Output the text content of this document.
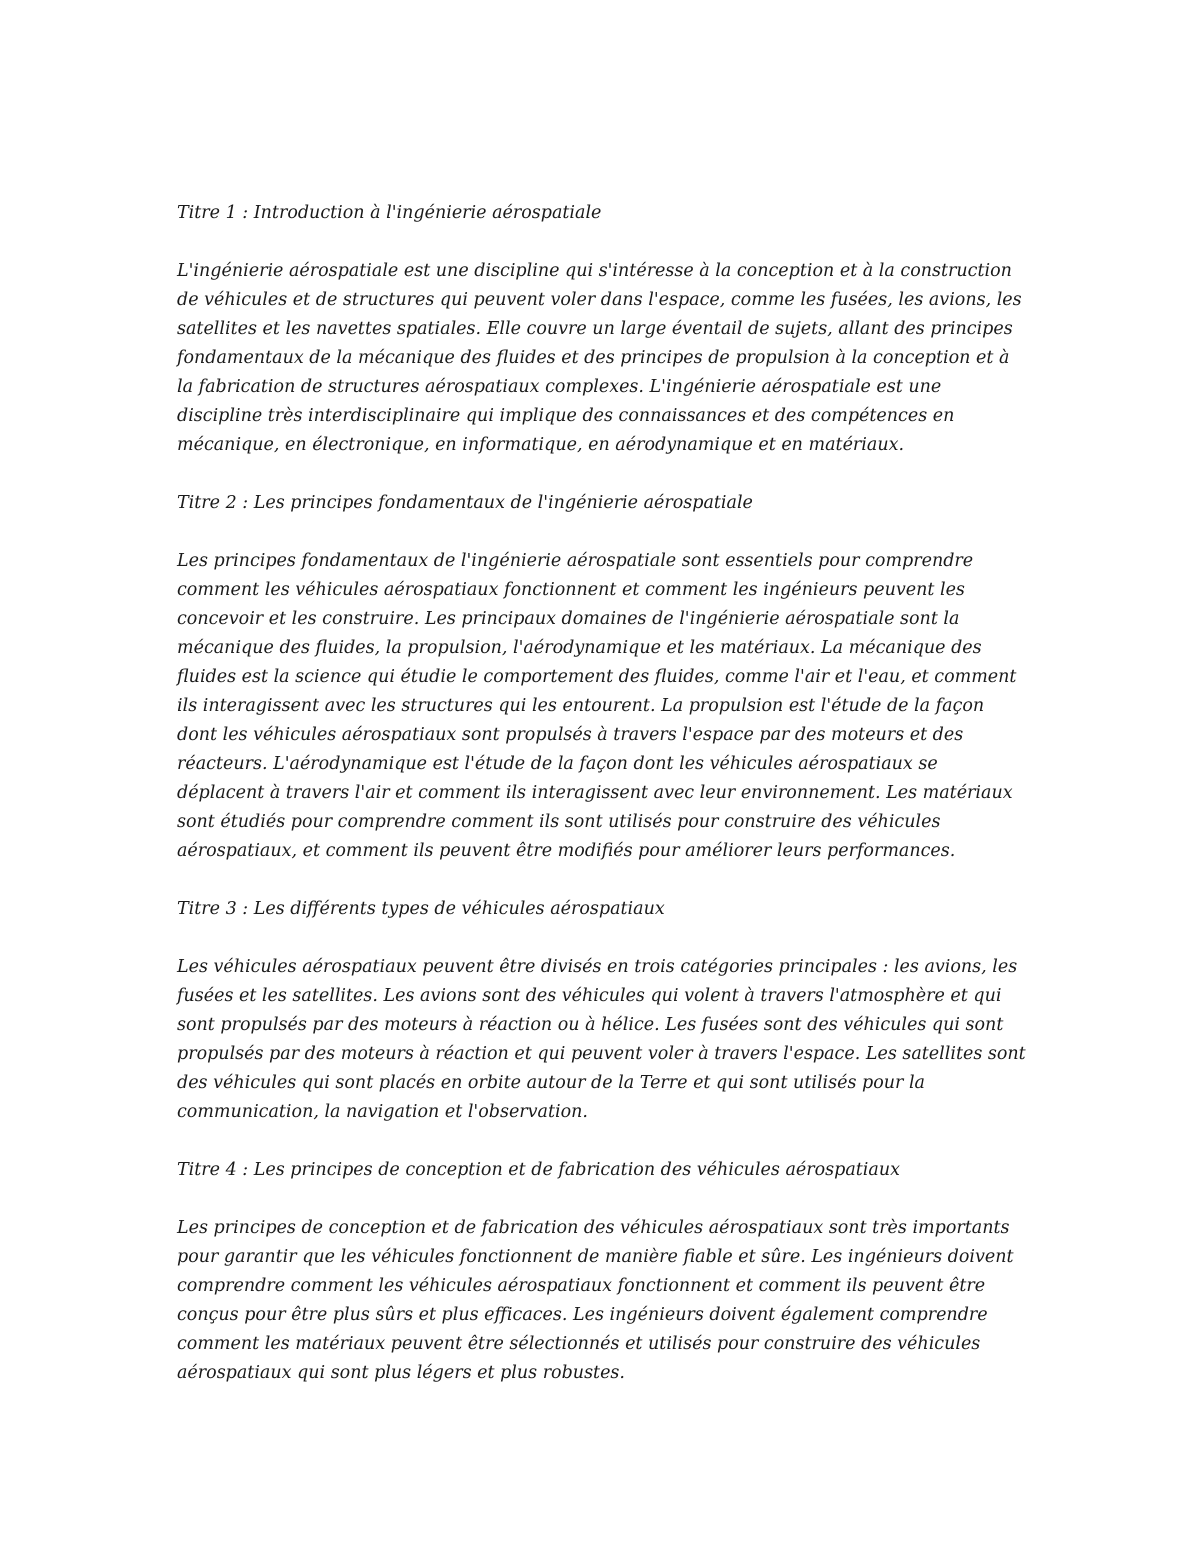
Titre 1 : Introduction à l'ingénierie aérospatiale

L'ingénierie aérospatiale est une discipline qui s'intéresse à la conception et à la construction de véhicules et de structures qui peuvent voler dans l'espace, comme les fusées, les avions, les satellites et les navettes spatiales. Elle couvre un large éventail de sujets, allant des principes fondamentaux de la mécanique des fluides et des principes de propulsion à la conception et à la fabrication de structures aérospatiaux complexes. L'ingénierie aérospatiale est une discipline très interdisciplinaire qui implique des connaissances et des compétences en mécanique, en électronique, en informatique, en aérodynamique et en matériaux.

Titre 2 : Les principes fondamentaux de l'ingénierie aérospatiale

Les principes fondamentaux de l'ingénierie aérospatiale sont essentiels pour comprendre comment les véhicules aérospatiaux fonctionnent et comment les ingénieurs peuvent les concevoir et les construire. Les principaux domaines de l'ingénierie aérospatiale sont la mécanique des fluides, la propulsion, l'aérodynamique et les matériaux. La mécanique des fluides est la science qui étudie le comportement des fluides, comme l'air et l'eau, et comment ils interagissent avec les structures qui les entourent. La propulsion est l'étude de la façon dont les véhicules aérospatiaux sont propulsés à travers l'espace par des moteurs et des réacteurs. L'aérodynamique est l'étude de la façon dont les véhicules aérospatiaux se déplacent à travers l'air et comment ils interagissent avec leur environnement. Les matériaux sont étudiés pour comprendre comment ils sont utilisés pour construire des véhicules aérospatiaux, et comment ils peuvent être modifiés pour améliorer leurs performances.

Titre 3 : Les différents types de véhicules aérospatiaux

Les véhicules aérospatiaux peuvent être divisés en trois catégories principales : les avions, les fusées et les satellites. Les avions sont des véhicules qui volent à travers l'atmosphère et qui sont propulsés par des moteurs à réaction ou à hélice. Les fusées sont des véhicules qui sont propulsés par des moteurs à réaction et qui peuvent voler à travers l'espace. Les satellites sont des véhicules qui sont placés en orbite autour de la Terre et qui sont utilisés pour la communication, la navigation et l'observation.

Titre 4 : Les principes de conception et de fabrication des véhicules aérospatiaux

Les principes de conception et de fabrication des véhicules aérospatiaux sont très importants pour garantir que les véhicules fonctionnent de manière fiable et sûre. Les ingénieurs doivent comprendre comment les véhicules aérospatiaux fonctionnent et comment ils peuvent être conçus pour être plus sûrs et plus efficaces. Les ingénieurs doivent également comprendre comment les matériaux peuvent être sélectionnés et utilisés pour construire des véhicules aérospatiaux qui sont plus légers et plus robustes.
